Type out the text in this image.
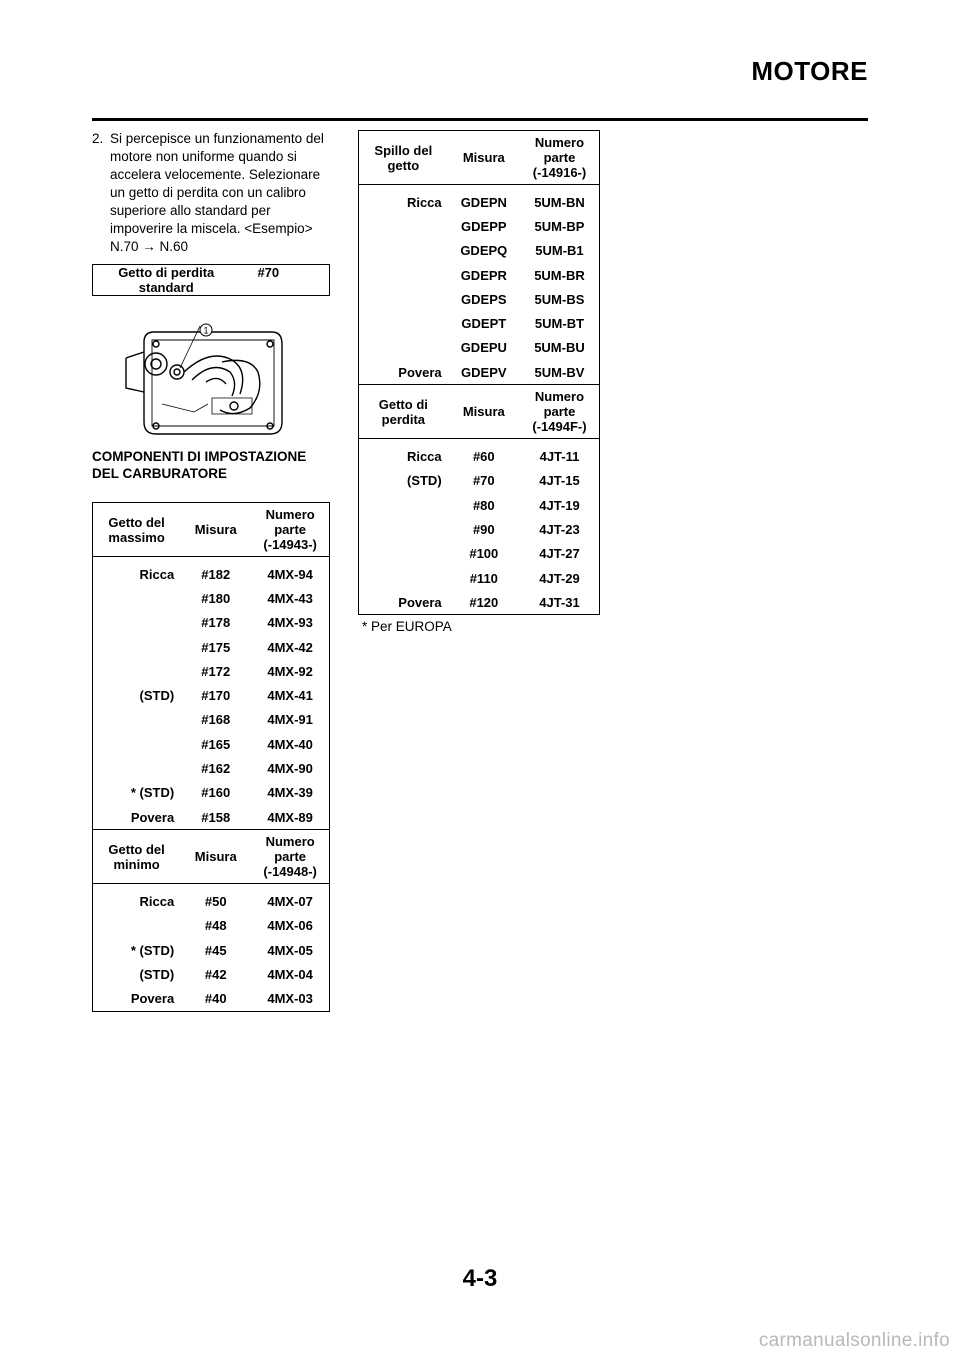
MOTORE
2. Si percepisce un funzionamento del motore non uniforme quando si accelera velocemente. Selezionare un getto di perdita con un calibro superiore allo standard per impoverire la miscela. <Esempio> N.70 → N.60
Getto di perdita standard	#70
1
COMPONENTI DI IMPOSTAZIONE DEL CARBURATORE
Getto del massimo	Misura	Numero parte (-14943-)
Ricca	#182	4MX-94
	#180	4MX-43
	#178	4MX-93
	#175	4MX-42
	#172	4MX-92
(STD)	#170	4MX-41
	#168	4MX-91
	#165	4MX-40
	#162	4MX-90
* (STD)	#160	4MX-39
Povera	#158	4MX-89
Getto del minimo	Misura	Numero parte (-14948-)
Ricca	#50	4MX-07
	#48	4MX-06
* (STD)	#45	4MX-05
(STD)	#42	4MX-04
Povera	#40	4MX-03
Spillo del getto	Misura	Numero parte (-14916-)
Ricca	GDEPN	5UM-BN
	GDEPP	5UM-BP
	GDEPQ	5UM-B1
	GDEPR	5UM-BR
	GDEPS	5UM-BS
	GDEPT	5UM-BT
	GDEPU	5UM-BU
Povera	GDEPV	5UM-BV
Getto di perdita	Misura	Numero parte (-1494F-)
Ricca	#60	4JT-11
(STD)	#70	4JT-15
	#80	4JT-19
	#90	4JT-23
	#100	4JT-27
	#110	4JT-29
Povera	#120	4JT-31
* Per EUROPA
4-3
carmanualsonline.info
